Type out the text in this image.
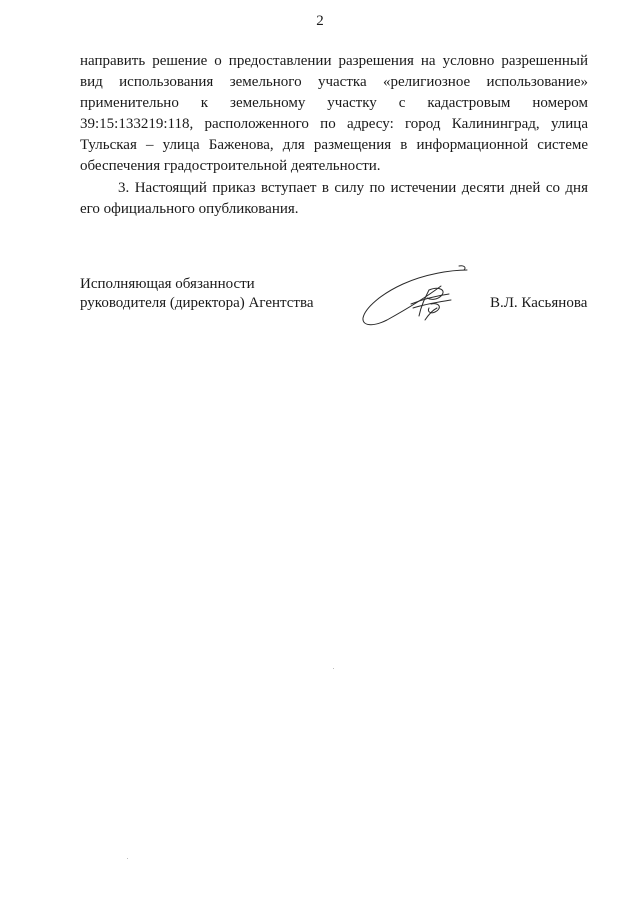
2

направить решение о предоставлении разрешения на условно разрешенный вид использования земельного участка «религиозное использование» применительно к земельному участку с кадастровым номером 39:15:133219:118, расположенного по адресу: город Калининград, улица Тульская – улица Баженова, для размещения в информационной системе обеспечения градостроительной деятельности.

3. Настоящий приказ вступает в силу по истечении десяти дней со дня его официального опубликования.

Исполняющая обязанности
руководителя (директора) Агентства	В.Л. Касьянова
